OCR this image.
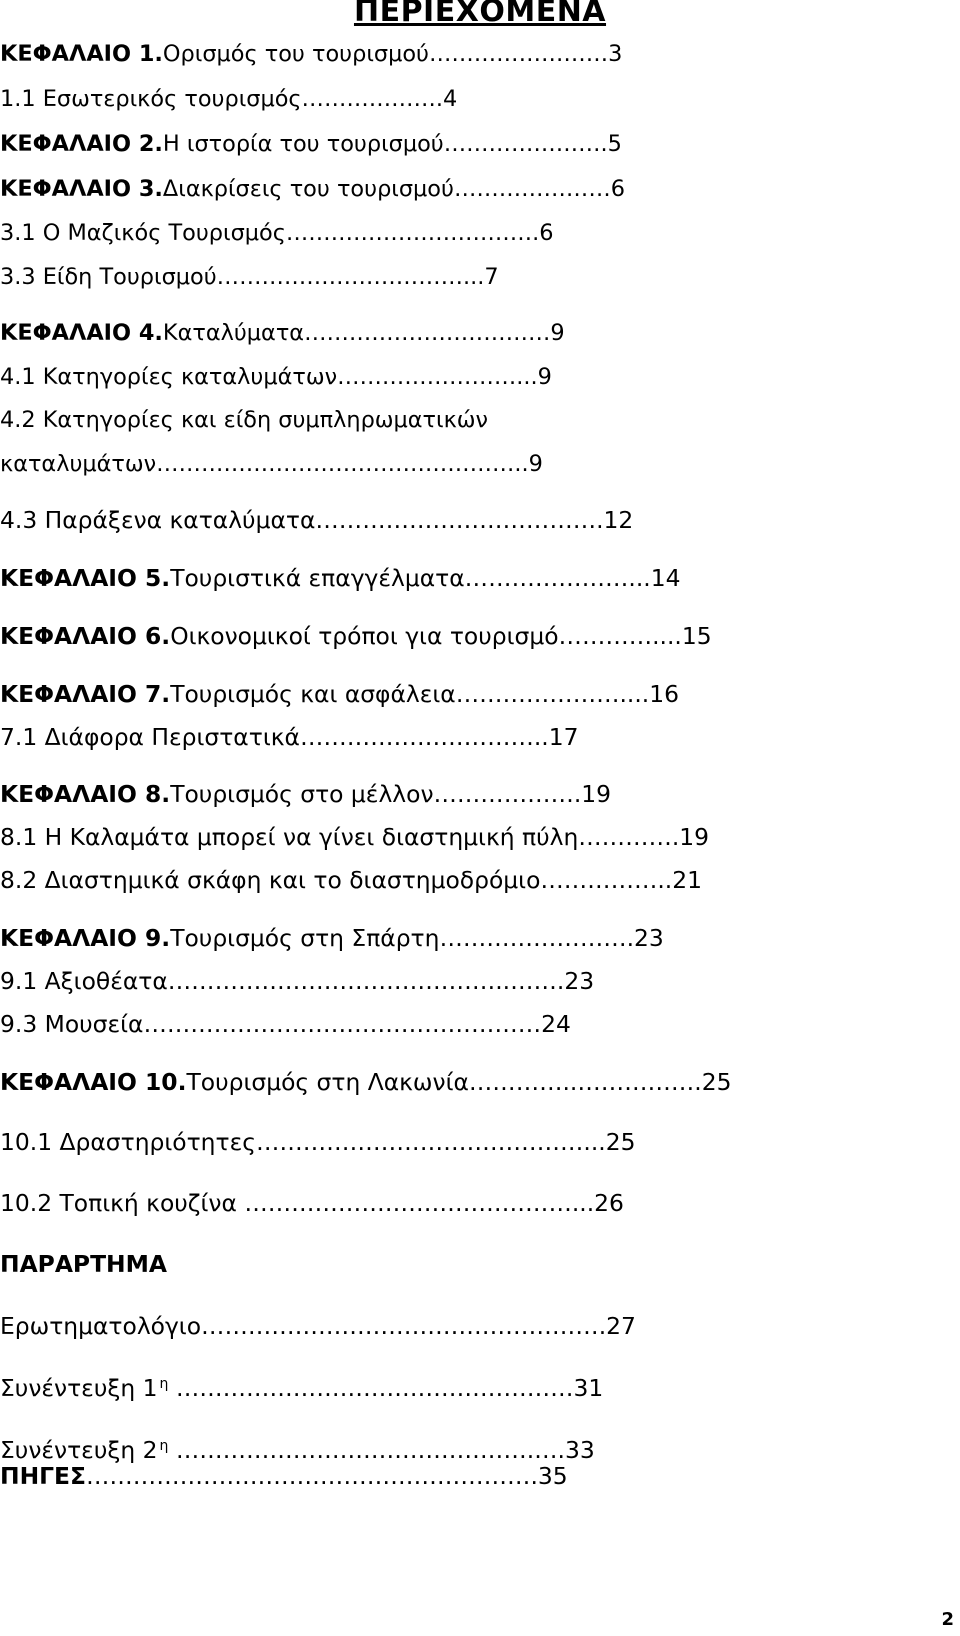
ΠΕΡΙΕΧΟΜΕΝΑ
ΚΕΦΑΛΑΙΟ 1.Ορισμός του τουρισμού……………………3
1.1 Εσωτερικός τουρισμός……………….4
ΚΕΦΑΛΑΙΟ 2.Η ιστορία του τουρισμού………………….5
ΚΕΦΑΛΑΙΟ 3.Διακρίσεις του τουρισμού…………………6
3.1 Ο Μαζικός Τουρισμός…………………………….6
3.3 Είδη Τουρισμού……………………………...7
ΚΕΦΑΛΑΙΟ 4.Καταλύματα……………………………9
4.1 Κατηγορίες καταλυμάτων……………………...9
4.2 Κατηγορίες και είδη συμπληρωματικών
καταλυμάτων…………………………………………..9
4.3 Παράξενα καταλύματα……………………………….12
ΚΕΦΑΛΑΙΟ 5.Τουριστικά επαγγέλματα…………………...14
ΚΕΦΑΛΑΙΟ 6.Οικονομικοί τρόποι για τουρισμό…………....15
ΚΕΦΑΛΑΙΟ 7.Τουρισμός και ασφάλεια…………………....16
7.1 Διάφορα Περιστατικά…………………………..17
ΚΕΦΑΛΑΙΟ 8.Τουρισμός στο μέλλον……………….19
8.1 Η Καλαμάτα μπορεί να γίνει διαστημική πύλη………….19
8.2 Διαστημικά σκάφη και το διαστημοδρόμιο……………..21
ΚΕΦΑΛΑΙΟ 9.Τουρισμός στη Σπάρτη…………………….23
9.1 Αξιοθέατα……………………………………..…….23
9.3 Μουσεία……………………………………………24
ΚΕΦΑΛΑΙΟ 10.Τουρισμός στη Λακωνία…………..…………….25
10.1 Δραστηριότητες……………………………………...25
10.2 Τοπική κουζίνα ……………………………………...26
ΠΑΡΑΡΤΗΜΑ
Ερωτηματολόγιο…………………………………………….27
Συνέντευξη 1 $^\eta$ ……………………………………………31
Συνέντευξη 2 $^\eta$ ……………………………………….….33
ΠΗΓΕΣ………………………………………………….35
2
